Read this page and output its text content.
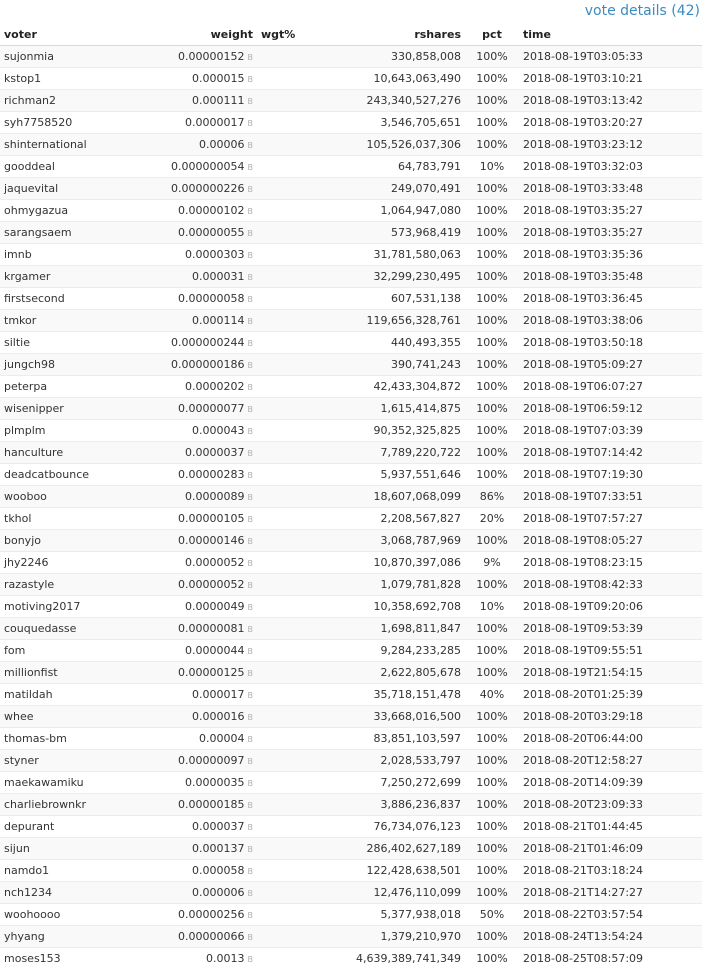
vote details (42)
voter	weight	wgt%	rshares	pct	time
sujonmia	0.00000152 B		330,858,008	100%	2018-08-19T03:05:33
kstop1	0.000015 B		10,643,063,490	100%	2018-08-19T03:10:21
richman2	0.000111 B		243,340,527,276	100%	2018-08-19T03:13:42
syh7758520	0.0000017 B		3,546,705,651	100%	2018-08-19T03:20:27
shinternational	0.00006 B		105,526,037,306	100%	2018-08-19T03:23:12
gooddeal	0.000000054 B		64,783,791	10%	2018-08-19T03:32:03
jaquevital	0.000000226 B		249,070,491	100%	2018-08-19T03:33:48
ohmygazua	0.00000102 B		1,064,947,080	100%	2018-08-19T03:35:27
sarangsaem	0.00000055 B		573,968,419	100%	2018-08-19T03:35:27
imnb	0.0000303 B		31,781,580,063	100%	2018-08-19T03:35:36
krgamer	0.000031 B		32,299,230,495	100%	2018-08-19T03:35:48
firstsecond	0.00000058 B		607,531,138	100%	2018-08-19T03:36:45
tmkor	0.000114 B		119,656,328,761	100%	2018-08-19T03:38:06
siltie	0.000000244 B		440,493,355	100%	2018-08-19T03:50:18
jungch98	0.000000186 B		390,741,243	100%	2018-08-19T05:09:27
peterpa	0.0000202 B		42,433,304,872	100%	2018-08-19T06:07:27
wisenipper	0.00000077 B		1,615,414,875	100%	2018-08-19T06:59:12
plmplm	0.000043 B		90,352,325,825	100%	2018-08-19T07:03:39
hanculture	0.0000037 B		7,789,220,722	100%	2018-08-19T07:14:42
deadcatbounce	0.00000283 B		5,937,551,646	100%	2018-08-19T07:19:30
wooboo	0.0000089 B		18,607,068,099	86%	2018-08-19T07:33:51
tkhol	0.00000105 B		2,208,567,827	20%	2018-08-19T07:57:27
bonyjo	0.00000146 B		3,068,787,969	100%	2018-08-19T08:05:27
jhy2246	0.0000052 B		10,870,397,086	9%	2018-08-19T08:23:15
razastyle	0.00000052 B		1,079,781,828	100%	2018-08-19T08:42:33
motiving2017	0.0000049 B		10,358,692,708	10%	2018-08-19T09:20:06
couquedasse	0.00000081 B		1,698,811,847	100%	2018-08-19T09:53:39
fom	0.0000044 B		9,284,233,285	100%	2018-08-19T09:55:51
millionfist	0.00000125 B		2,622,805,678	100%	2018-08-19T21:54:15
matildah	0.000017 B		35,718,151,478	40%	2018-08-20T01:25:39
whee	0.000016 B		33,668,016,500	100%	2018-08-20T03:29:18
thomas-bm	0.00004 B		83,851,103,597	100%	2018-08-20T06:44:00
styner	0.00000097 B		2,028,533,797	100%	2018-08-20T12:58:27
maekawamiku	0.0000035 B		7,250,272,699	100%	2018-08-20T14:09:39
charliebrownkr	0.00000185 B		3,886,236,837	100%	2018-08-20T23:09:33
depurant	0.000037 B		76,734,076,123	100%	2018-08-21T01:44:45
sijun	0.000137 B		286,402,627,189	100%	2018-08-21T01:46:09
namdo1	0.000058 B		122,428,638,501	100%	2018-08-21T03:18:24
nch1234	0.000006 B		12,476,110,099	100%	2018-08-21T14:27:27
woohoooo	0.00000256 B		5,377,938,018	50%	2018-08-22T03:57:54
yhyang	0.00000066 B		1,379,210,970	100%	2018-08-24T13:54:24
moses153	0.0013 B		4,639,389,741,349	100%	2018-08-25T08:57:09
